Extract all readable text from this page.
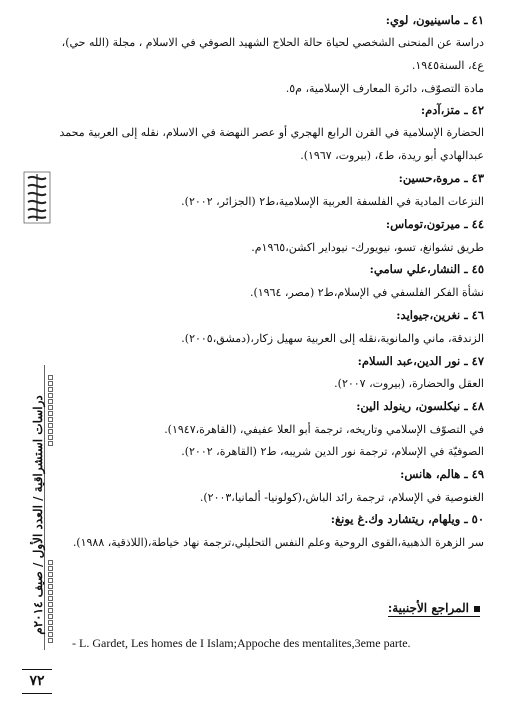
دراسات استشراقية / العدد الأول / صيف ٢٠١٤م
٧٢
٤١ ـ ماسينيون، لوي:
دراسة عن المنحنى الشخصي لحياة حالة الحلاج الشهيد الصوفي في الاسلام ، مجلة (الله حي)،
ع٤، السنة١٩٤٥.
مادة التصوّف، دائرة المعارف الإسلامية، م٥.
٤٢ ـ متز،آدم:
الحضارة الإسلامية في القرن الرابع الهجري أو عصر النهضة في الاسلام، نقله إلى العربية محمد
عبدالهادي أبو ريدة، ط٤، (بيروت، ١٩٦٧).
٤٣ ـ مروة،حسين:
النزعات المادية في الفلسفة العربية الإسلامية،ط٢ (الجزائر، ٢٠٠٢).
٤٤ ـ ميرتون،توماس:
طريق تشوانغ، تسو، نيويورك- نيوداير اكشن،١٩٦٥م.
٤٥ ـ النشار،علي سامي:
نشأة الفكر الفلسفي في الإسلام،ط٢ (مصر، ١٩٦٤).
٤٦ ـ نغرين،جيوايد:
الزندقة، ماني والمانوية،نقله إلى العربية سهيل زكار،(دمشق،٢٠٠٥).
٤٧ ـ نور الدين،عبد السلام:
العقل والحضارة، (بيروت، ٢٠٠٧).
٤٨ ـ نيكلسون، رينولد الين:
في التصوّف الإسلامي وتاريخه، ترجمة أبو العلا عفيفي، (القاهرة،١٩٤٧).
الصوفيّة في الإسلام، ترجمة نور الدين شريبه، ط٢ (القاهرة، ٢٠٠٢).
٤٩ ـ هالم، هانس:
الغنوصية في الإسلام، ترجمة رائد الباش،(كولونيا- ألمانيا،٢٠٠٣).
٥٠ ـ ويلهام، ريتشارد وك.غ يونغ:
سر الزهرة الذهبية،القوى الروحية وعلم النفس التحليلي،ترجمة نهاد خياطة،(اللاذقية، ١٩٨٨).
المراجع الأجنبية:
- L. Gardet, Les homes de I Islam;Appoche des mentalites,3eme parte.
